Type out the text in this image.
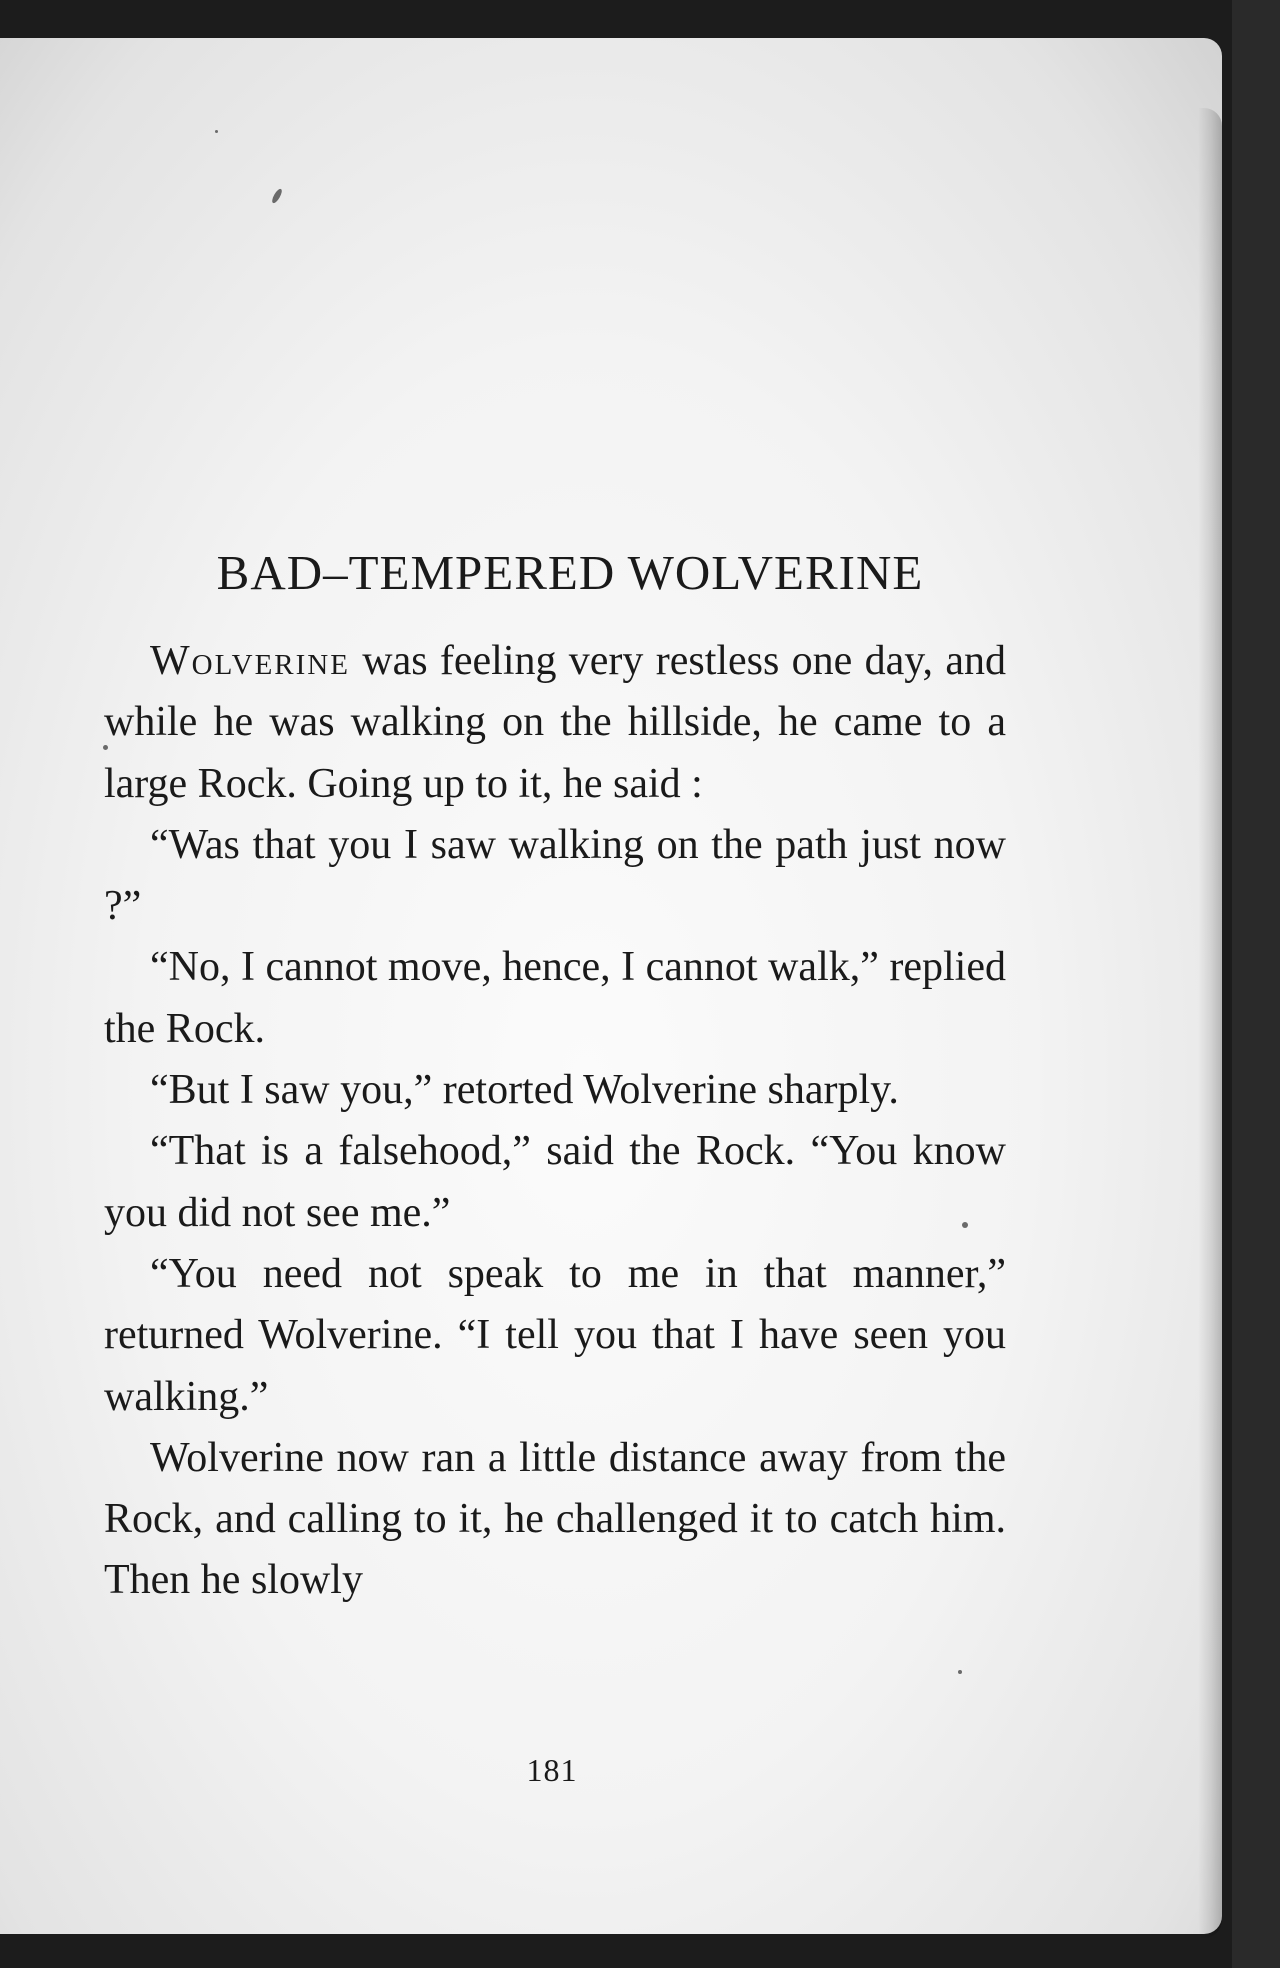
BAD–TEMPERED WOLVERINE

Wolverine was feeling very restless one day, and while he was walking on the hillside, he came to a large Rock. Going up to it, he said :

“Was that you I saw walking on the path just now ?”

“No, I cannot move, hence, I cannot walk,” replied the Rock.

“But I saw you,” retorted Wolverine sharply.

“That is a falsehood,” said the Rock. “You know you did not see me.”

“You need not speak to me in that manner,” returned Wolverine. “I tell you that I have seen you walking.”

Wolverine now ran a little distance away from the Rock, and calling to it, he challenged it to catch him. Then he slowly

181
